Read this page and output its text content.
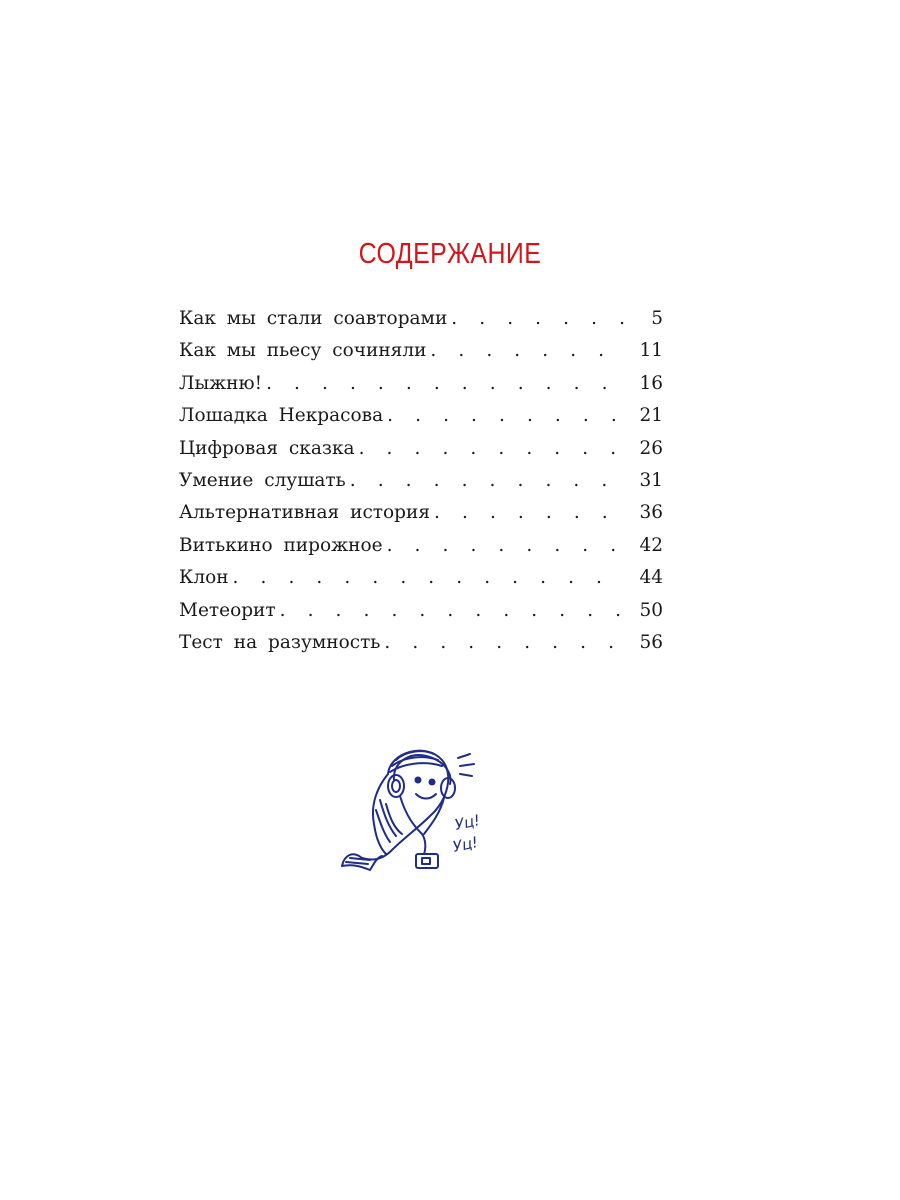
СОДЕРЖАНИЕ
Как мы стали соавторами . . .	5
Как мы пьесу сочиняли . . .	11
Лыжню! . . .	16
Лошадка Некрасова . . .	21
Цифровая сказка . . .	26
Умение слушать . . .	31
Альтернативная история . . .	36
Витькино пирожное . . .	42
Клон . . .	44
Метеорит . . .	50
Тест на разумность . . .	56
Уц!
Уц!
